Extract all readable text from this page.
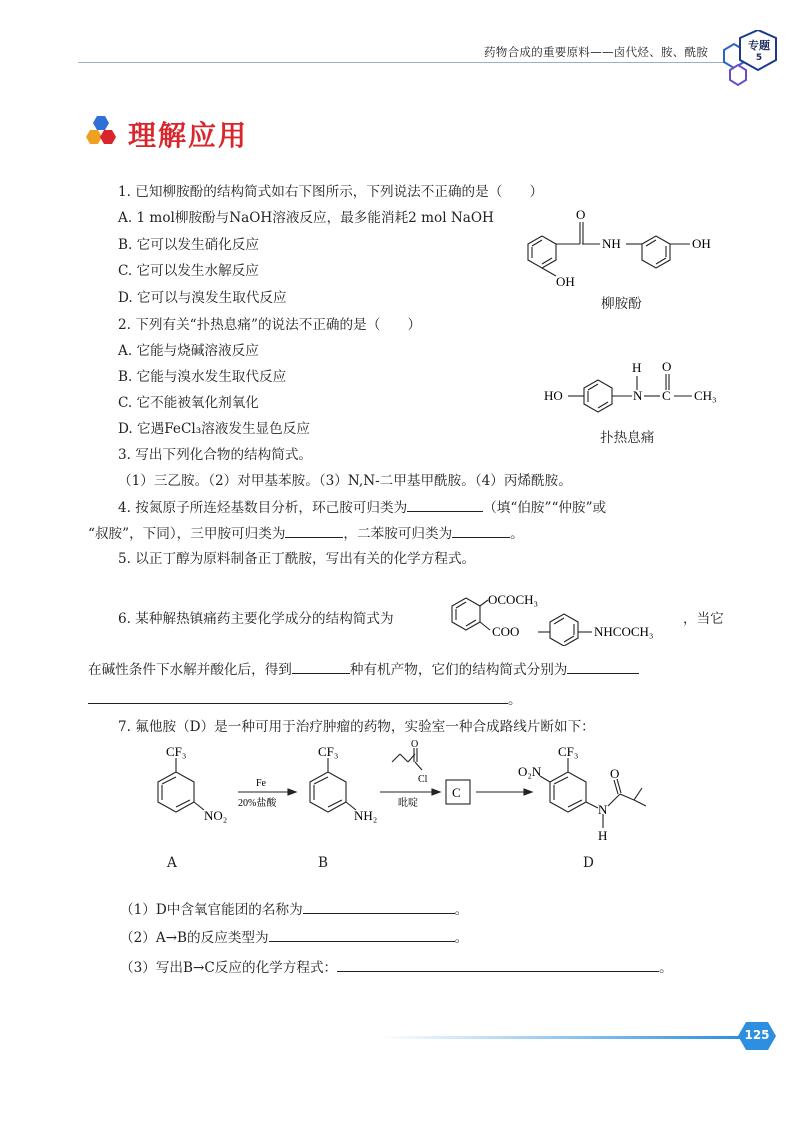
药物合成的重要原料——卤代烃、胺、酰胺	专题
5
理解应用
1. 已知柳胺酚的结构简式如右下图所示，下列说法不正确的是（　　）
A. 1 mol柳胺酚与NaOH溶液反应，最多能消耗2 mol NaOH
B. 它可以发生硝化反应
C. 它可以发生水解反应
D. 它可以与溴发生取代反应
O
NH	OH
OH
柳胺酚
2. 下列有关“扑热息痛”的说法不正确的是（　　）
A. 它能与烧碱溶液反应
B. 它能与溴水发生取代反应
C. 它不能被氧化剂氧化
D. 它遇FeCl₃溶液发生显色反应
H O
HO	N C CH₃
扑热息痛
3. 写出下列化合物的结构简式。
（1）三乙胺。（2）对甲基苯胺。（3）N,N-二甲基甲酰胺。（4）丙烯酰胺。
4. 按氮原子所连烃基数目分析，环己胺可归类为	（填“伯胺”“仲胺”或
“叔胺”，下同），三甲胺可归类为	，二苯胺可归类为	。
5. 以正丁醇为原料制备正丁酰胺，写出有关的化学方程式。
6. 某种解热镇痛药主要化学成分的结构简式为
OCOCH₃
COO	NHCOCH₃
，当它
在碱性条件下水解并酸化后，得到	种有机产物，它们的结构简式分别为
。
7. 氟他胺（D）是一种可用于治疗肿瘤的药物，实验室一种合成路线片断如下：
CF₃
NO₂
Fe
20%盐酸
CF₃
NH₂
O
Cl
吡啶
C
CF₃
O₂N
N
H
O
A	B	D
（1）D中含氧官能团的名称为	。
（2）A→B的反应类型为	。
（3）写出B→C反应的化学方程式：	。
125
